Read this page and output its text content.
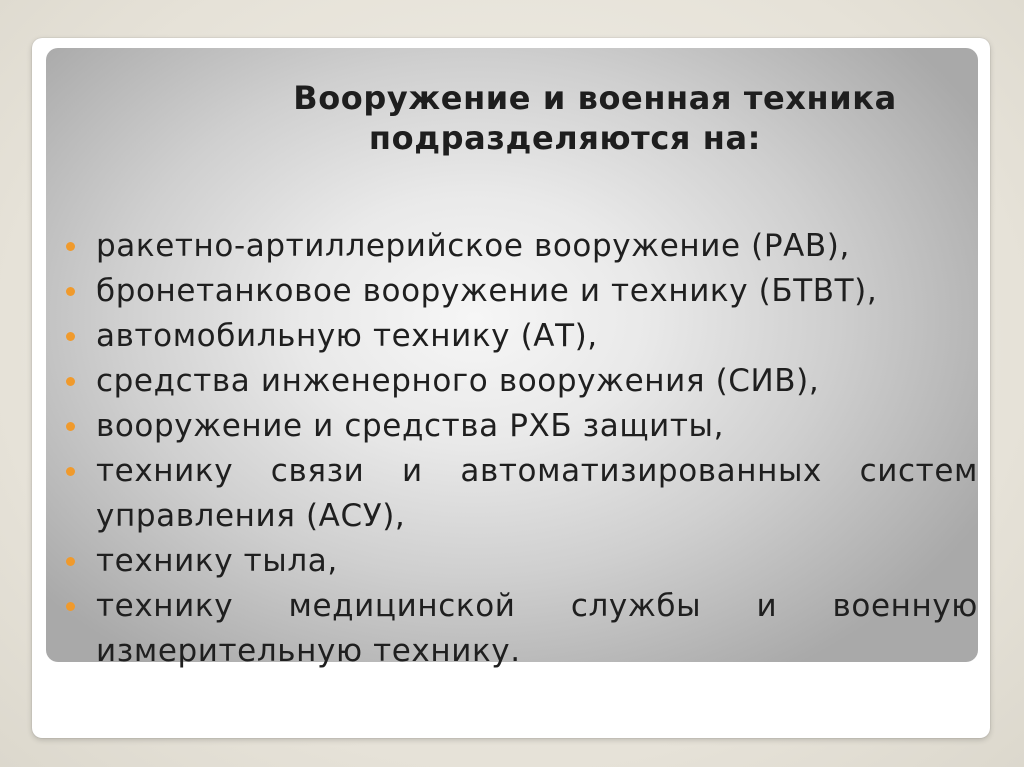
Вооружение и военная техника
подразделяются на:
ракетно-артиллерийское вооружение (РАВ),
бронетанковое вооружение и технику (БТВТ),
автомобильную технику (АТ),
средства инженерного вооружения (СИВ),
вооружение и средства РХБ защиты,
технику связи и автоматизированных систем управления (АСУ),
технику тыла,
технику медицинской службы и военную измерительную технику.
